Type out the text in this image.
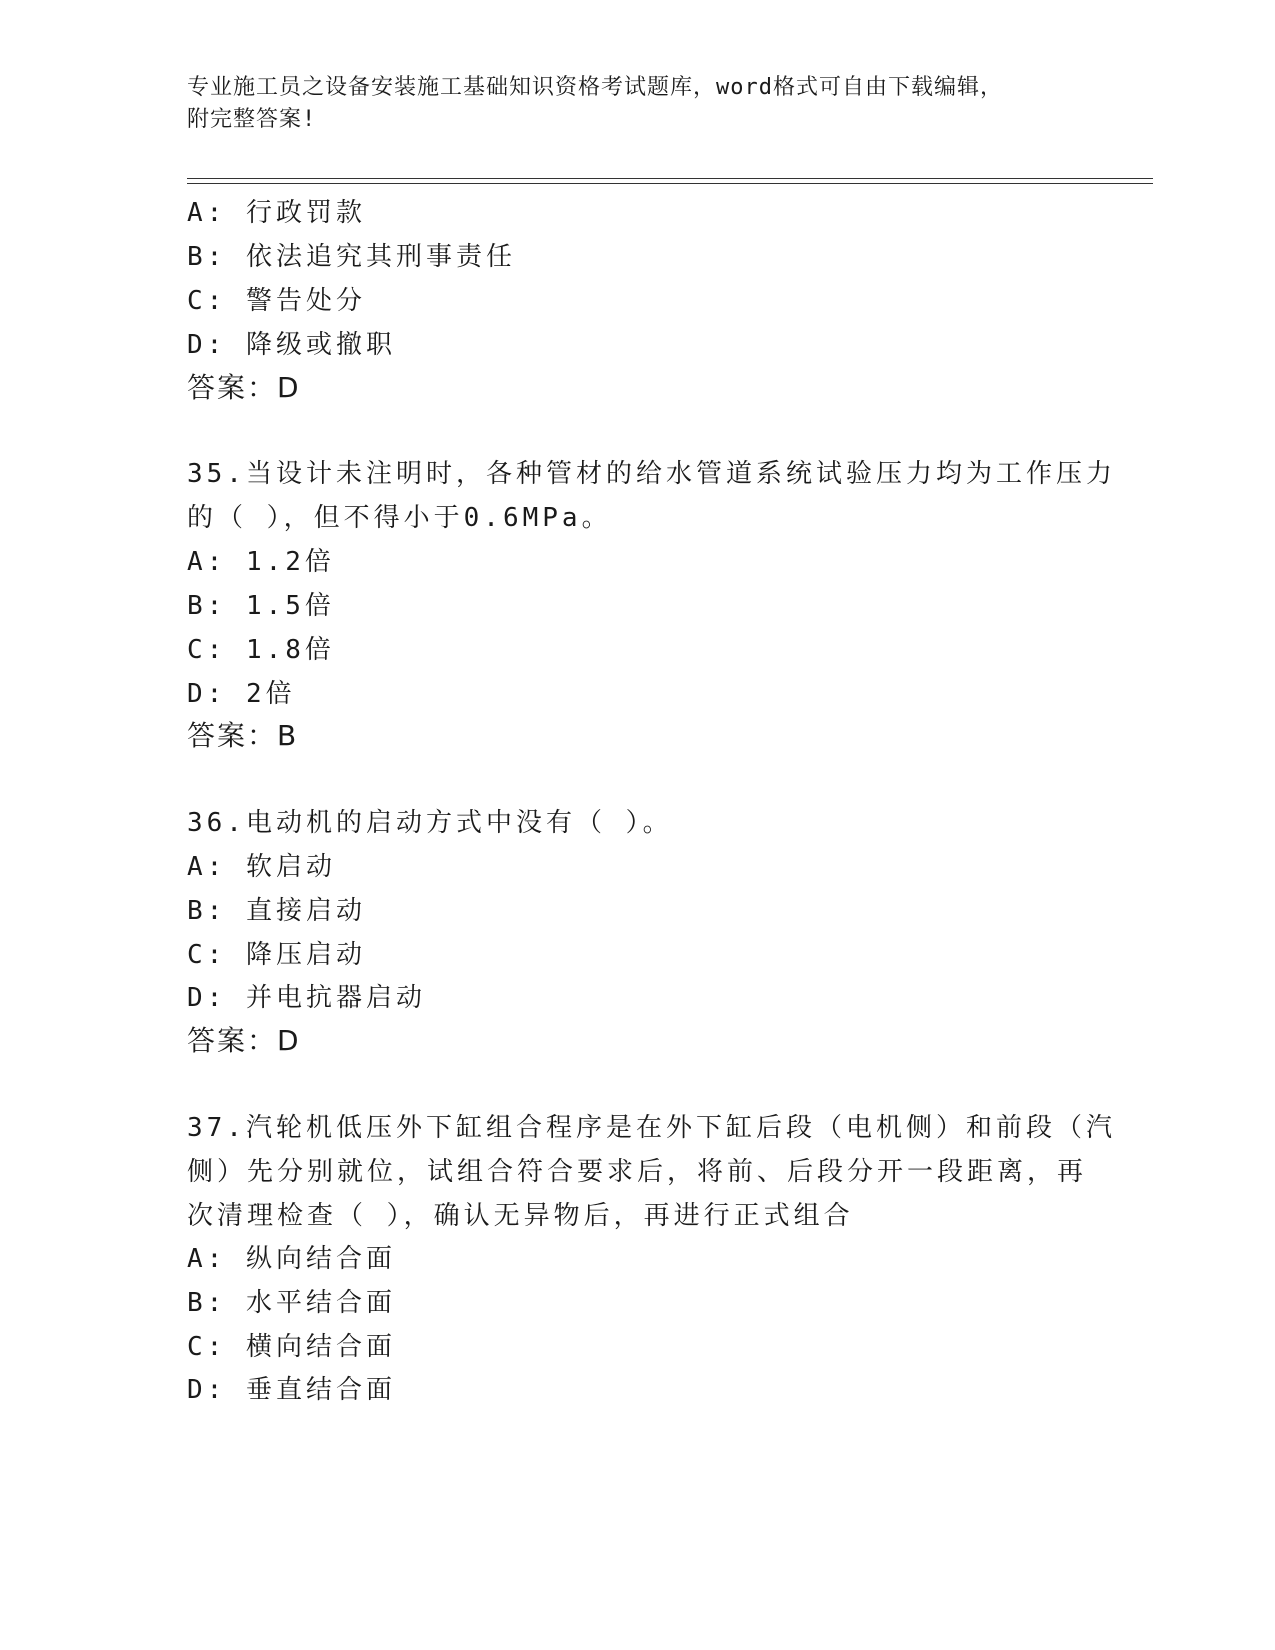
专业施工员之设备安装施工基础知识资格考试题库，word格式可自由下载编辑，
附完整答案!
A: 行政罚款
B: 依法追究其刑事责任
C: 警告处分
D: 降级或撤职
答案：D
35.当设计未注明时，各种管材的给水管道系统试验压力均为工作压力
的（ ），但不得小于0.6MPa。
A: 1.2倍
B: 1.5倍
C: 1.8倍
D: 2倍
答案：B
36.电动机的启动方式中没有（ ）。
A: 软启动
B: 直接启动
C: 降压启动
D: 并电抗器启动
答案：D
37.汽轮机低压外下缸组合程序是在外下缸后段（电机侧）和前段（汽
侧）先分别就位，试组合符合要求后，将前、后段分开一段距离，再
次清理检查（ ），确认无异物后，再进行正式组合
A: 纵向结合面
B: 水平结合面
C: 横向结合面
D: 垂直结合面
